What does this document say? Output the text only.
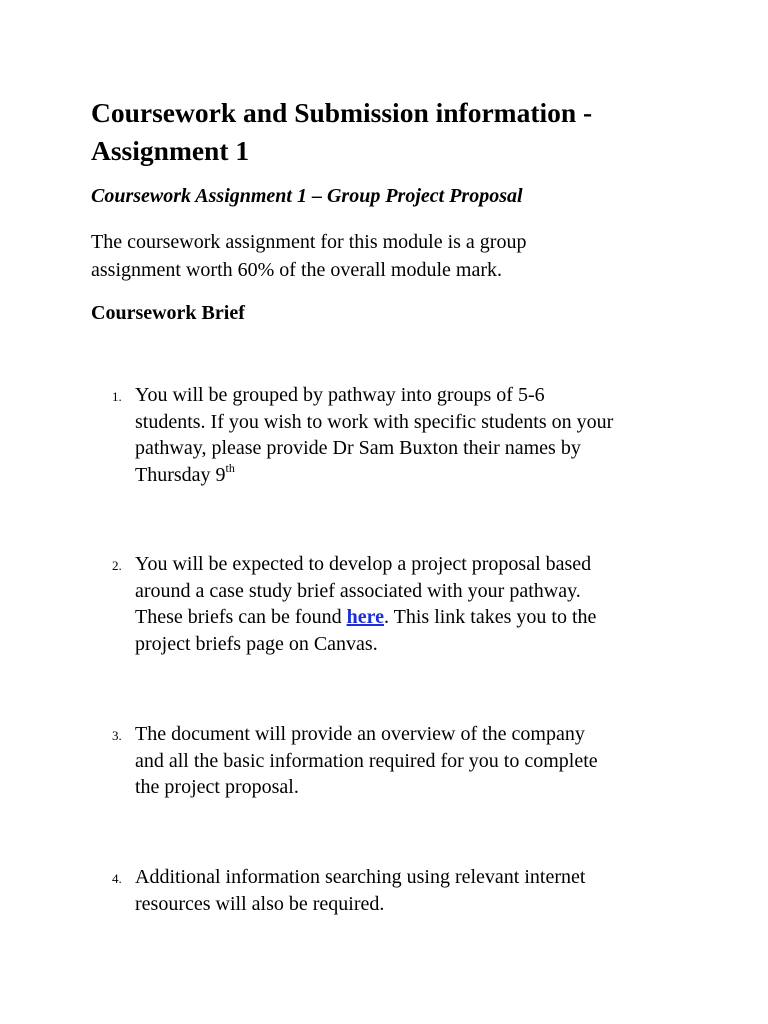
Coursework and Submission information -
Assignment 1

Coursework Assignment 1 – Group Project Proposal

The coursework assignment for this module is a group
assignment worth 60% of the overall module mark.

Coursework Brief

1. You will be grouped by pathway into groups of 5-6
students. If you wish to work with specific students on your
pathway, please provide Dr Sam Buxton their names by
Thursday 9th
2. You will be expected to develop a project proposal based
around a case study brief associated with your pathway.
These briefs can be found here. This link takes you to the
project briefs page on Canvas.
3. The document will provide an overview of the company
and all the basic information required for you to complete
the project proposal.
4. Additional information searching using relevant internet
resources will also be required.
